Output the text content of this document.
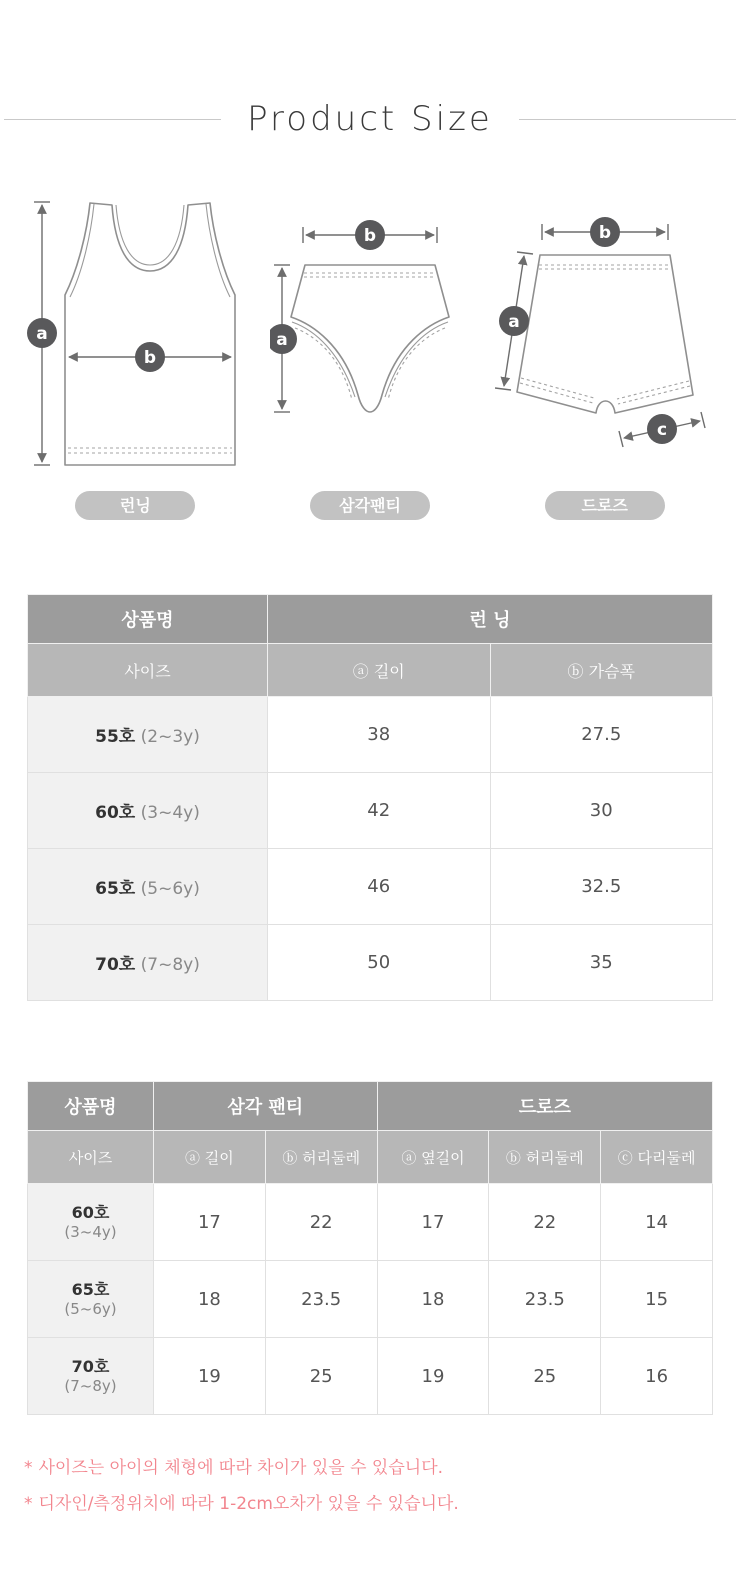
Product Size
a
b
런닝
b
a
삼각팬티
b
a
c
드로즈
상품명	런 닝	
사이즈	ⓐ 길이	ⓑ 가슴폭
55호 (2~3y)	38	27.5
60호 (3~4y)	42	30
65호 (5~6y)	46	32.5
70호 (7~8y)	50	35
상품명	삼각 팬티		드로즈		
사이즈	ⓐ 길이	ⓑ 허리둘레	ⓐ 옆길이	ⓑ 허리둘레	ⓒ 다리둘레

60호
(3~4y)	17	22	17	22	14

65호
(5~6y)	18	23.5	18	23.5	15

70호
(7~8y)	19	25	19	25	16

* 사이즈는 아이의 체형에 따라 차이가 있을 수 있습니다.

* 디자인/측정위치에 따라 1-2cm오차가 있을 수 있습니다.
